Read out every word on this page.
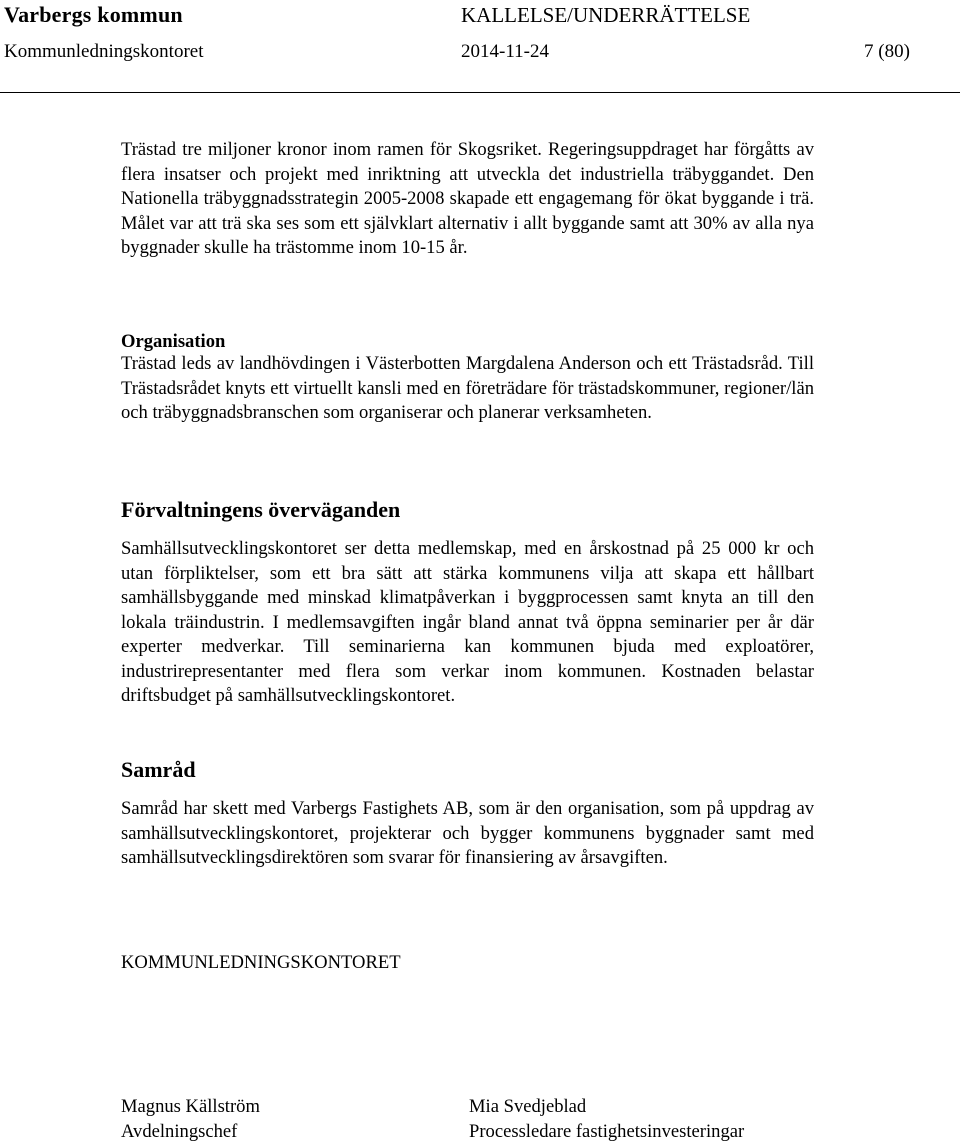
Varbergs kommun	KALLELSE/UNDERRÄTTELSE
Kommunledningskontoret	2014-11-24	7 (80)

Trästad tre miljoner kronor inom ramen för Skogsriket. Regeringsuppdraget har förgåtts av flera insatser och projekt med inriktning att utveckla det industriella träbyggandet. Den Nationella träbyggnadsstrategin 2005-2008 skapade ett engagemang för ökat byggande i trä. Målet var att trä ska ses som ett självklart alternativ i allt byggande samt att 30% av alla nya byggnader skulle ha trästomme inom 10-15 år.

Organisation

Trästad leds av landhövdingen i Västerbotten Margdalena Anderson och ett Trästadsråd. Till Trästadsrådet knyts ett virtuellt kansli med en företrädare för trästadskommuner, regioner/län och träbyggnadsbranschen som organiserar och planerar verksamheten.

Förvaltningens överväganden

Samhällsutvecklingskontoret ser detta medlemskap, med en årskostnad på 25 000 kr och utan förpliktelser, som ett bra sätt att stärka kommunens vilja att skapa ett hållbart samhällsbyggande med minskad klimatpåverkan i byggprocessen samt knyta an till den lokala träindustrin. I medlemsavgiften ingår bland annat två öppna seminarier per år där experter medverkar. Till seminarierna kan kommunen bjuda med exploatörer, industrirepresentanter med flera som verkar inom kommunen. Kostnaden belastar driftsbudget på samhällsutvecklingskontoret.

Samråd

Samråd har skett med Varbergs Fastighets AB, som är den organisation, som på uppdrag av samhällsutvecklingskontoret, projekterar och bygger kommunens byggnader samt med samhällsutvecklingsdirektören som svarar för finansiering av årsavgiften.

KOMMUNLEDNINGSKONTORET
Magnus Källström
Avdelningschef
Mia Svedjeblad
Processledare fastighetsinvesteringar
